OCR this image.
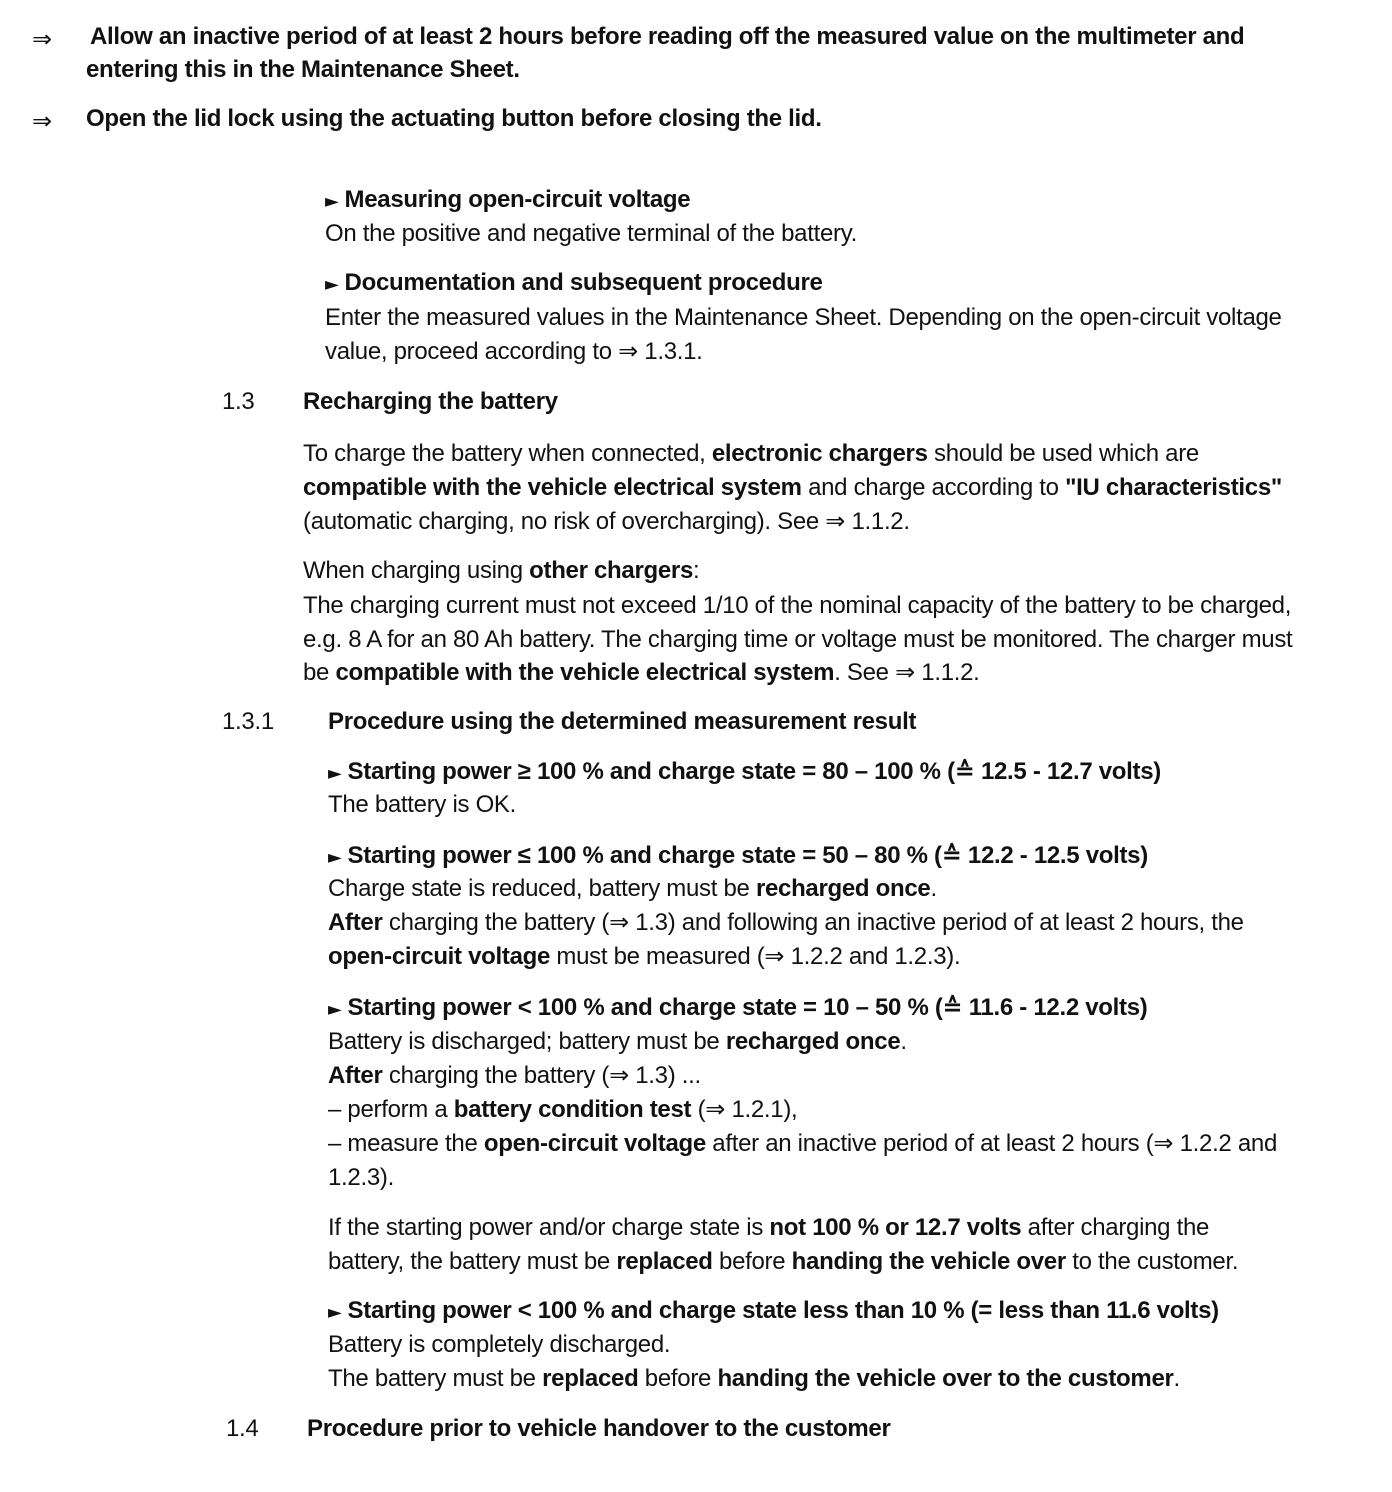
⇒ Allow an inactive period of at least 2 hours before reading off the measured value on the multimeter and
entering this in the Maintenance Sheet.
⇒ Open the lid lock using the actuating button before closing the lid.
► Measuring open-circuit voltage
On the positive and negative terminal of the battery.
► Documentation and subsequent procedure
Enter the measured values in the Maintenance Sheet. Depending on the open-circuit voltage
value, proceed according to ⇒ 1.3.1.
1.3 Recharging the battery
To charge the battery when connected, electronic chargers should be used which are
compatible with the vehicle electrical system and charge according to "IU characteristics"
(automatic charging, no risk of overcharging). See ⇒ 1.1.2.
When charging using other chargers:
The charging current must not exceed 1/10 of the nominal capacity of the battery to be charged,
e.g. 8 A for an 80 Ah battery. The charging time or voltage must be monitored. The charger must
be compatible with the vehicle electrical system. See ⇒ 1.1.2.
1.3.1 Procedure using the determined measurement result
► Starting power ≥ 100 % and charge state = 80 – 100 % (≙ 12.5 - 12.7 volts)
The battery is OK.
► Starting power ≤ 100 % and charge state = 50 – 80 % (≙ 12.2 - 12.5 volts)
Charge state is reduced, battery must be recharged once.
After charging the battery (⇒ 1.3) and following an inactive period of at least 2 hours, the
open-circuit voltage must be measured (⇒ 1.2.2 and 1.2.3).
► Starting power < 100 % and charge state = 10 – 50 % (≙ 11.6 - 12.2 volts)
Battery is discharged; battery must be recharged once.
After charging the battery (⇒ 1.3) ...
– perform a battery condition test (⇒ 1.2.1),
– measure the open-circuit voltage after an inactive period of at least 2 hours (⇒ 1.2.2 and
1.2.3).
If the starting power and/or charge state is not 100 % or 12.7 volts after charging the
battery, the battery must be replaced before handing the vehicle over to the customer.
► Starting power < 100 % and charge state less than 10 % (= less than 11.6 volts)
Battery is completely discharged.
The battery must be replaced before handing the vehicle over to the customer.
1.4 Procedure prior to vehicle handover to the customer
